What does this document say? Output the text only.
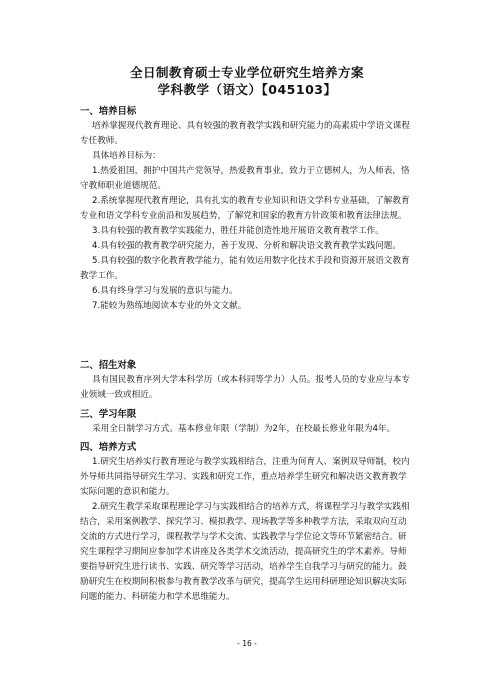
全日制教育硕士专业学位研究生培养方案
学科教学（语文）【045103】
一、培养目标
培养掌握现代教育理论、具有较强的教育教学实践和研究能力的高素质中学语文课程专任教师。
具体培养目标为：
1.热爱祖国，拥护中国共产党领导，热爱教育事业，致力于立德树人，为人师表，恪守教师职业道德规范。
2.系统掌握现代教育理论，具有扎实的教育专业知识和语文学科专业基础，了解教育专业和语文学科专业前沿和发展趋势，了解党和国家的教育方针政策和教育法律法规。
3.具有较强的教育教学实践能力，胜任并能创造性地开展语文教育教学工作。
4.具有较强的教育教学研究能力，善于发现、分析和解决语文教育教学实践问题。
5.具有较强的数字化教育教学能力，能有效运用数字化技术手段和资源开展语文教育教学工作。
6.具有终身学习与发展的意识与能力。
7.能较为熟练地阅读本专业的外文文献。
二、招生对象
具有国民教育序列大学本科学历（或本科同等学力）人员。报考人员的专业应与本专业领域一致或相近。
三、学习年限
采用全日制学习方式。基本修业年限（学制）为2年，在校最长修业年限为4年。
四、培养方式
1.研究生培养实行教育理论与教学实践相结合，注重为何育人、案例双导师制，校内外导师共同指导研究生学习、实践和研究工作，重点培养学生研究和解决语文教育教学实际问题的意识和能力。
2.研究生教学采取课程理论学习与实践相结合的培养方式，将课程学习与教学实践相结合，采用案例教学、探究学习、模拟教学、现场教学等多种教学方法，采取双向互动交流的方式进行学习，课程教学与学术交流、实践教学与学位论文等环节紧密结合。研究生课程学习期间应参加学术讲座及各类学术交流活动，提高研究生的学术素养。导师要指导研究生进行读书、实践、研究等学习活动，培养学生自我学习与研究的能力。鼓励研究生在校期间积极参与教育教学改革与研究，提高学生运用科研理论知识解决实际问题的能力、科研能力和学术思维能力。
- 16 -
